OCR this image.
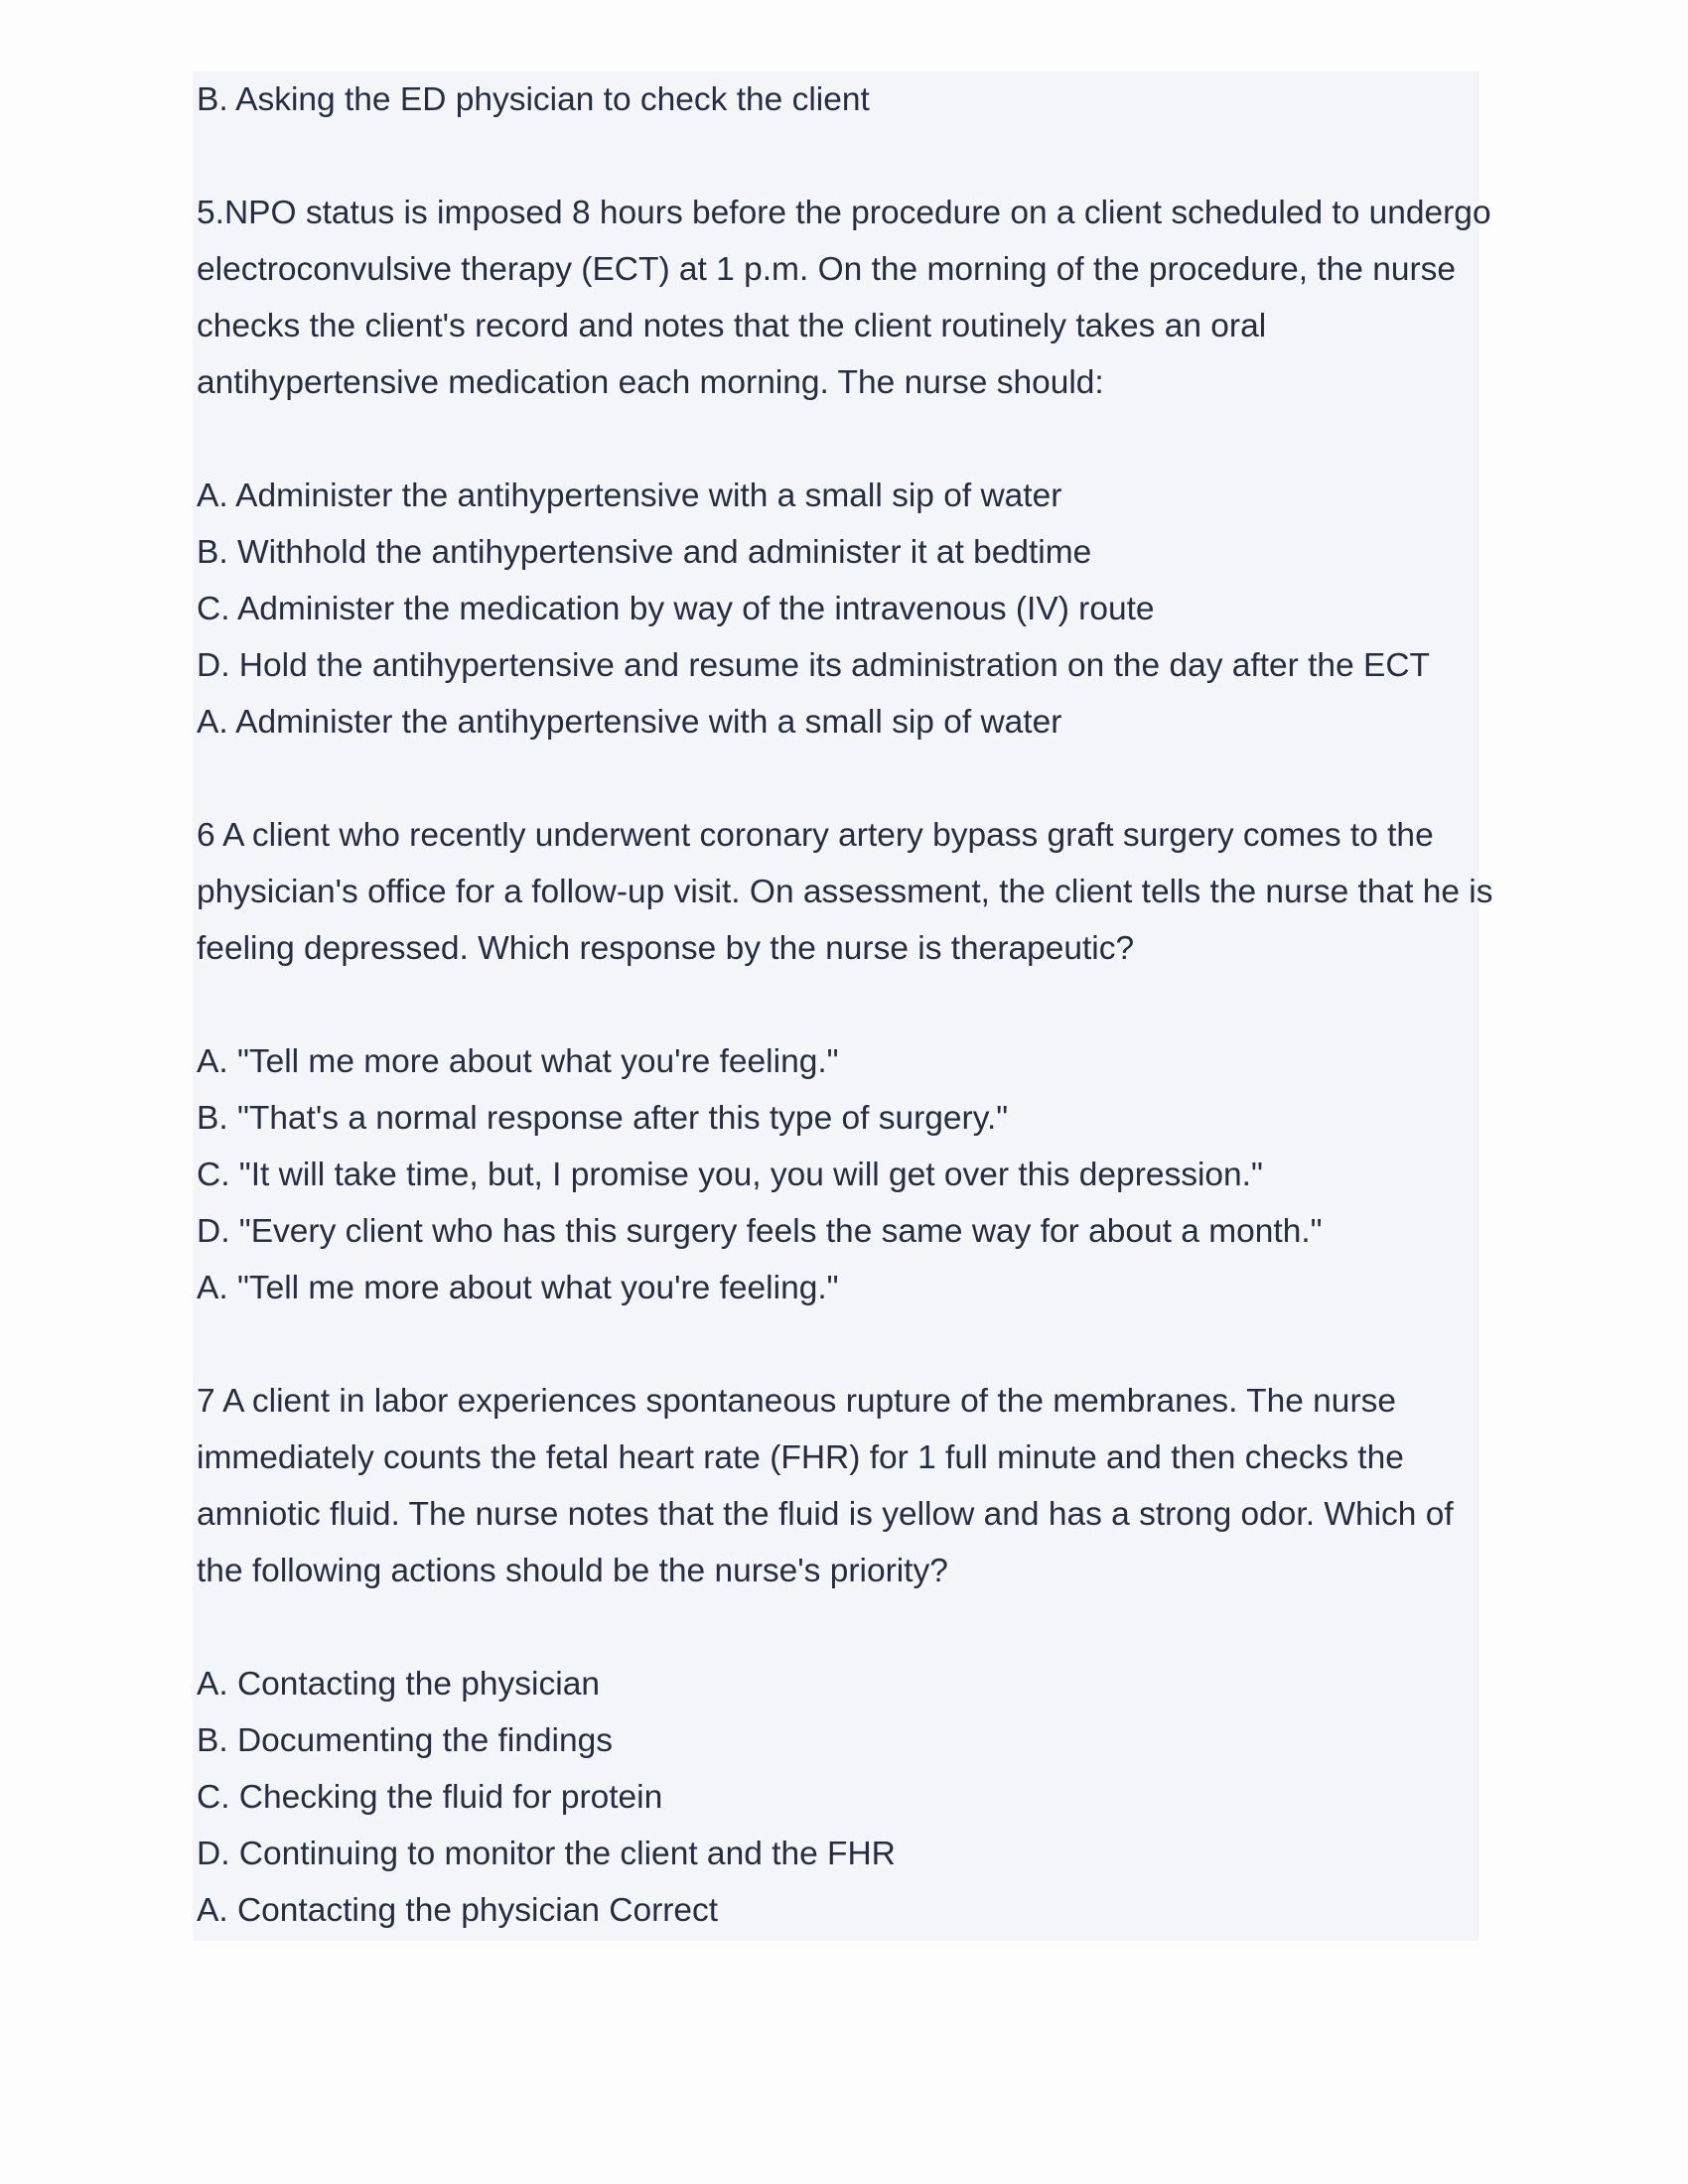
B. Asking the ED physician to check the client
5.NPO status is imposed 8 hours before the procedure on a client scheduled to undergo
electroconvulsive therapy (ECT) at 1 p.m. On the morning of the procedure, the nurse
checks the client's record and notes that the client routinely takes an oral
antihypertensive medication each morning. The nurse should:
A. Administer the antihypertensive with a small sip of water
B. Withhold the antihypertensive and administer it at bedtime
C. Administer the medication by way of the intravenous (IV) route
D. Hold the antihypertensive and resume its administration on the day after the ECT
A. Administer the antihypertensive with a small sip of water
6 A client who recently underwent coronary artery bypass graft surgery comes to the
physician's office for a follow-up visit. On assessment, the client tells the nurse that he is
feeling depressed. Which response by the nurse is therapeutic?
A. "Tell me more about what you're feeling."
B. "That's a normal response after this type of surgery."
C. "It will take time, but, I promise you, you will get over this depression."
D. "Every client who has this surgery feels the same way for about a month."
A. "Tell me more about what you're feeling."
7 A client in labor experiences spontaneous rupture of the membranes. The nurse
immediately counts the fetal heart rate (FHR) for 1 full minute and then checks the
amniotic fluid. The nurse notes that the fluid is yellow and has a strong odor. Which of
the following actions should be the nurse's priority?
A. Contacting the physician
B. Documenting the findings
C. Checking the fluid for protein
D. Continuing to monitor the client and the FHR
A. Contacting the physician Correct
